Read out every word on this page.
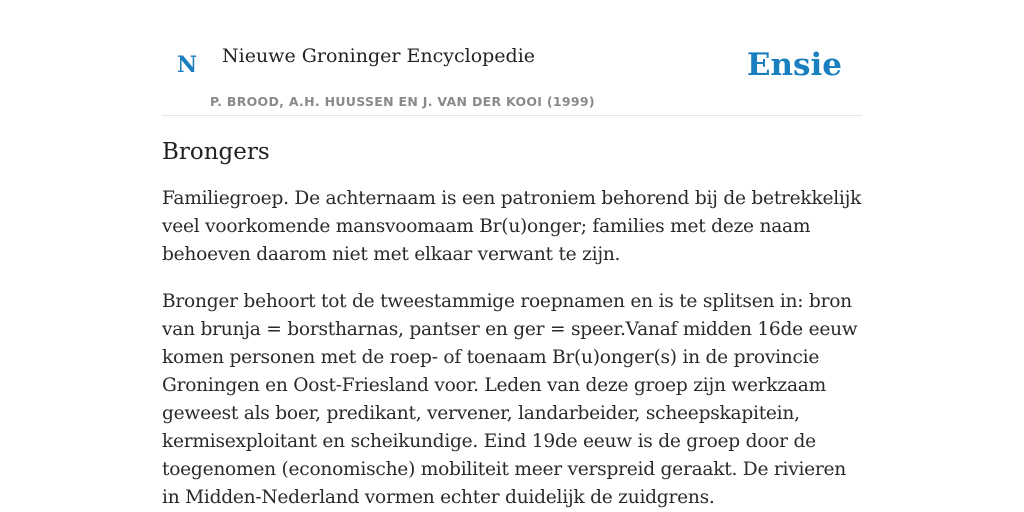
N Nieuwe Groninger Encyclopedie
P. BROOD, A.H. HUUSSEN EN J. VAN DER KOOI (1999)
Ensie
Brongers

Familiegroep. De achternaam is een patroniem behorend bij de betrekkelijk veel voorkomende mansvoomaam Br(u)onger; families met deze naam behoeven daarom niet met elkaar verwant te zijn.

Bronger behoort tot de tweestammige roepnamen en is te splitsen in: bron van brunja = borstharnas, pantser en ger = speer.Vanaf midden 16de eeuw komen personen met de roep- of toenaam Br(u)onger(s) in de provincie Groningen en Oost-Friesland voor. Leden van deze groep zijn werkzaam geweest als boer, predikant, vervener, landarbeider, scheepskapitein, kermisexploitant en scheikundige. Eind 19de eeuw is de groep door de toegenomen (economische) mobiliteit meer verspreid geraakt. De rivieren in Midden-Nederland vormen echter duidelijk de zuidgrens.
